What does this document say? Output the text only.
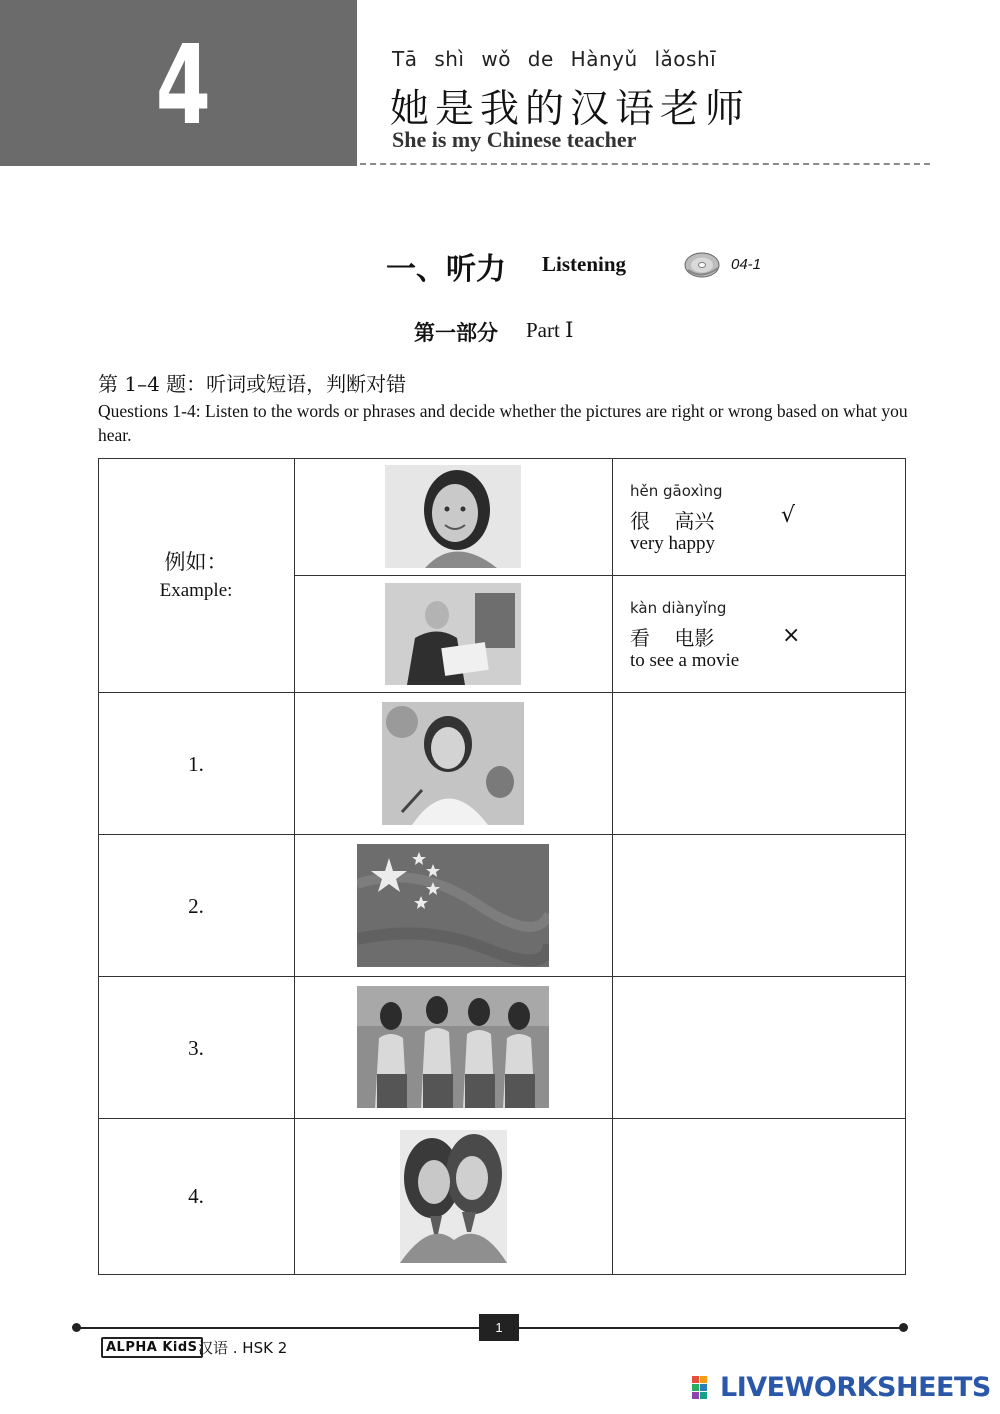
4	Tā shì wǒ de Hànyǔ lǎoshī
她是我的汉语老师
She is my Chinese teacher
一、听力 Listening	04-1
第一部分 Part Ⅰ
第 1–4 题：听词或短语，判断对错
Questions 1-4: Listen to the words or phrases and decide whether the pictures are right or wrong based on what you hear.
例如：
Example:
hěn gāoxìng
很 高兴
very happy
√
kàn diànyǐng
看 电影
to see a movie
×
1.
2.
3.
4.
1
ALPHA KidS 汉语 . HSK 2
LIVEWORKSHEETS
